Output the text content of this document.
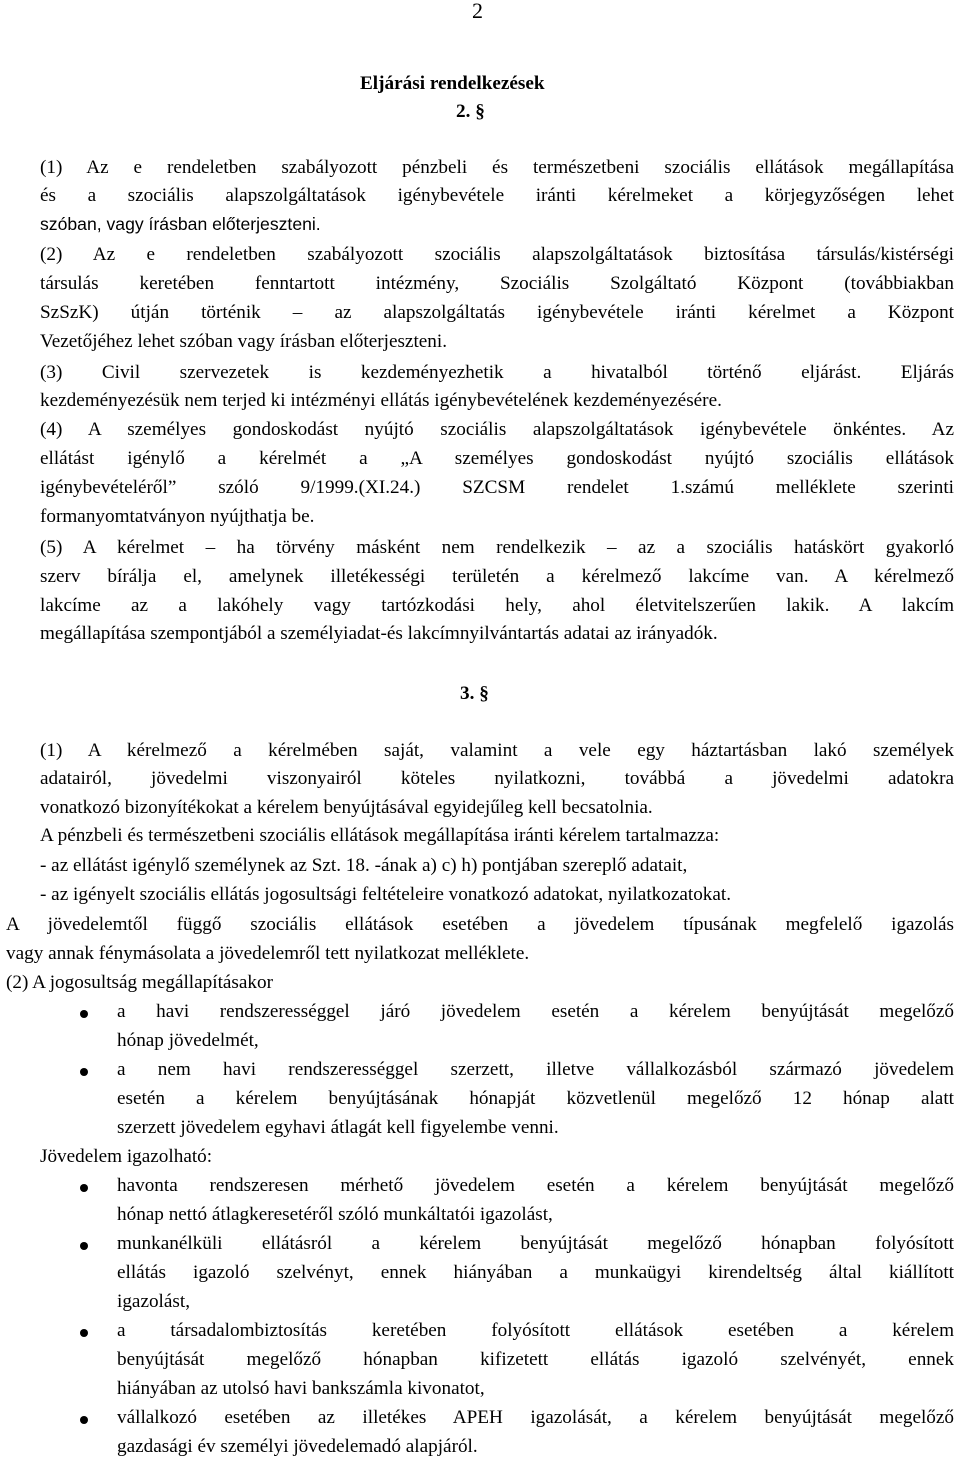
2
Eljárási rendelkezések
2. §
(1) Az e rendeletben szabályozott pénzbeli és természetbeni szociális ellátások megállapítása
és a szociális alapszolgáltatások igénybevétele iránti kérelmeket a körjegyzőségen lehet
szóban, vagy írásban előterjeszteni.
(2) Az e rendeletben szabályozott szociális alapszolgáltatások biztosítása társulás/kistérségi
társulás keretében fenntartott intézmény, Szociális Szolgáltató Központ (továbbiakban
SzSzK) útján történik – az alapszolgáltatás igénybevétele iránti kérelmet a Központ
Vezetőjéhez lehet szóban vagy írásban előterjeszteni.
(3) Civil szervezetek is kezdeményezhetik a hivatalból történő eljárást. Eljárás
kezdeményezésük nem terjed ki intézményi ellátás igénybevételének kezdeményezésére.
(4) A személyes gondoskodást nyújtó szociális alapszolgáltatások igénybevétele önkéntes. Az
ellátást igénylő a kérelmét a „A személyes gondoskodást nyújtó szociális ellátások
igénybevételéről” szóló 9/1999.(XI.24.) SZCSM rendelet 1.számú melléklete szerinti
formanyomtatványon nyújthatja be.
(5) A kérelmet – ha törvény másként nem rendelkezik – az a szociális hatáskört gyakorló
szerv bírálja el, amelynek illetékességi területén a kérelmező lakcíme van. A kérelmező
lakcíme az a lakóhely vagy tartózkodási hely, ahol életvitelszerűen lakik. A lakcím
megállapítása szempontjából a személyiadat-és lakcímnyilvántartás adatai az irányadók.
3. §
(1) A kérelmező a kérelmében saját, valamint a vele egy háztartásban lakó személyek
adatairól, jövedelmi viszonyairól köteles nyilatkozni, továbbá a jövedelmi adatokra
vonatkozó bizonyítékokat a kérelem benyújtásával egyidejűleg kell becsatolnia.
A pénzbeli és természetbeni szociális ellátások megállapítása iránti kérelem tartalmazza:
- az ellátást igénylő személynek az Szt. 18. -ának a) c) h) pontjában szereplő adatait,
- az igényelt szociális ellátás jogosultsági feltételeire vonatkozó adatokat, nyilatkozatokat.
A jövedelemtől függő szociális ellátások esetében a jövedelem típusának megfelelő igazolás
vagy annak fénymásolata a jövedelemről tett nyilatkozat melléklete.
(2) A jogosultság megállapításakor
a havi rendszerességgel járó jövedelem esetén a kérelem benyújtását megelőző
hónap jövedelmét,
a nem havi rendszerességgel szerzett, illetve vállalkozásból származó jövedelem
esetén a kérelem benyújtásának hónapját közvetlenül megelőző 12 hónap alatt
szerzett jövedelem egyhavi átlagát kell figyelembe venni.
Jövedelem igazolható:
havonta rendszeresen mérhető jövedelem esetén a kérelem benyújtását megelőző
hónap nettó átlagkeresetéről szóló munkáltatói igazolást,
munkanélküli ellátásról a kérelem benyújtását megelőző hónapban folyósított
ellátás igazoló szelvényt, ennek hiányában a munkaügyi kirendeltség által kiállított
igazolást,
a társadalombiztosítás keretében folyósított ellátások esetében a kérelem
benyújtását megelőző hónapban kifizetett ellátás igazoló szelvényét, ennek
hiányában az utolsó havi bankszámla kivonatot,
vállalkozó esetében az illetékes APEH igazolását, a kérelem benyújtását megelőző
gazdasági év személyi jövedelemadó alapjáról.
